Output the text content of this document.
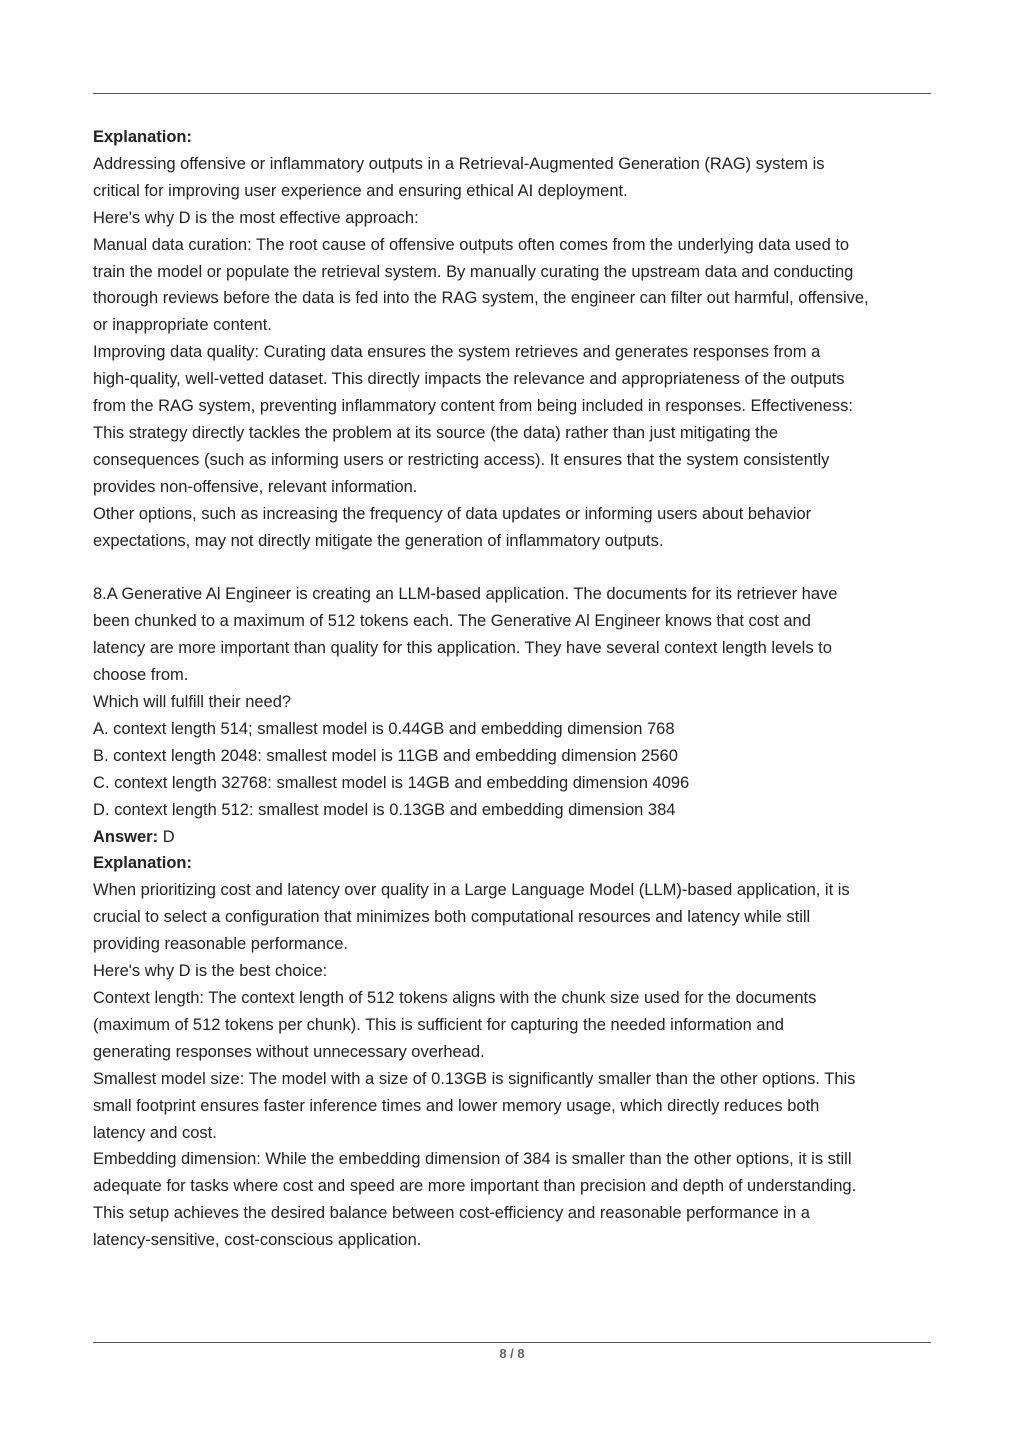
Explanation:

Addressing offensive or inflammatory outputs in a Retrieval-Augmented Generation (RAG) system is

critical for improving user experience and ensuring ethical AI deployment.

Here's why D is the most effective approach:

Manual data curation: The root cause of offensive outputs often comes from the underlying data used to

train the model or populate the retrieval system. By manually curating the upstream data and conducting

thorough reviews before the data is fed into the RAG system, the engineer can filter out harmful, offensive,

or inappropriate content.

Improving data quality: Curating data ensures the system retrieves and generates responses from a

high-quality, well-vetted dataset. This directly impacts the relevance and appropriateness of the outputs

from the RAG system, preventing inflammatory content from being included in responses. Effectiveness:

This strategy directly tackles the problem at its source (the data) rather than just mitigating the

consequences (such as informing users or restricting access). It ensures that the system consistently

provides non-offensive, relevant information.

Other options, such as increasing the frequency of data updates or informing users about behavior

expectations, may not directly mitigate the generation of inflammatory outputs.

8.A Generative Al Engineer is creating an LLM-based application. The documents for its retriever have

been chunked to a maximum of 512 tokens each. The Generative Al Engineer knows that cost and

latency are more important than quality for this application. They have several context length levels to

choose from.

Which will fulfill their need?

A. context length 514; smallest model is 0.44GB and embedding dimension 768

B. context length 2048: smallest model is 11GB and embedding dimension 2560

C. context length 32768: smallest model is 14GB and embedding dimension 4096

D. context length 512: smallest model is 0.13GB and embedding dimension 384

Answer: D

Explanation:

When prioritizing cost and latency over quality in a Large Language Model (LLM)-based application, it is

crucial to select a configuration that minimizes both computational resources and latency while still

providing reasonable performance.

Here's why D is the best choice:

Context length: The context length of 512 tokens aligns with the chunk size used for the documents

(maximum of 512 tokens per chunk). This is sufficient for capturing the needed information and

generating responses without unnecessary overhead.

Smallest model size: The model with a size of 0.13GB is significantly smaller than the other options. This

small footprint ensures faster inference times and lower memory usage, which directly reduces both

latency and cost.

Embedding dimension: While the embedding dimension of 384 is smaller than the other options, it is still

adequate for tasks where cost and speed are more important than precision and depth of understanding.

This setup achieves the desired balance between cost-efficiency and reasonable performance in a

latency-sensitive, cost-conscious application.

8 / 8
